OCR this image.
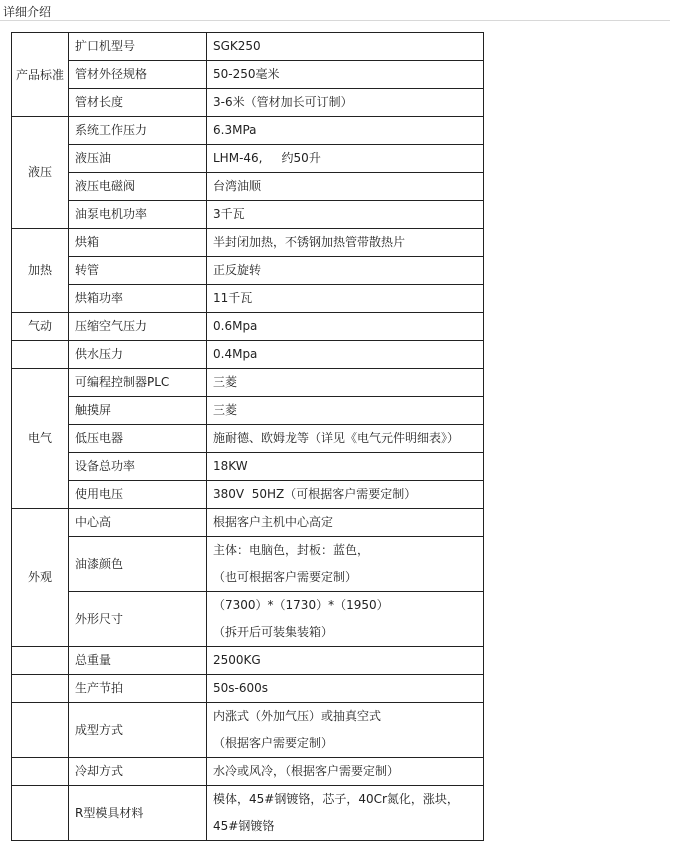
详细介绍
产品标准	扩口机型号	SGK250
	管材外径规格	50-250毫米
	管材长度	3-6米（管材加长可订制）
液压	系统工作压力	6.3MPa
	液压油	LHM-46,     约50升
	液压电磁阀	台湾油顺
	油泵电机功率	3千瓦
加热	烘箱	半封闭加热，不锈钢加热管带散热片
	转管	正反旋转
	烘箱功率	11千瓦
气动	压缩空气压力	0.6Mpa
	供水压力	0.4Mpa
电气	可编程控制器PLC	三菱
	触摸屏	三菱
	低压电器	施耐德、欧姆龙等（详见《电气元件明细表》）
	设备总功率	18KW
	使用电压	380V  50HZ（可根据客户需要定制）
外观	中心高	根据客户主机中心高定

	油漆颜色	主体：电脑色，封板：蓝色，
（也可根据客户需要定制）

	外形尺寸	（7300）*（1730）*（1950）
（拆开后可装集装箱）

	总重量	2500KG
	生产节拍	50s-600s

	成型方式	内涨式（外加气压）或抽真空式
（根据客户需要定制）

	冷却方式	水冷或风冷，（根据客户需要定制）

	R型模具材料	模体，45#钢镀铬，芯子，40Cr氮化，涨块，
45#钢镀铬
